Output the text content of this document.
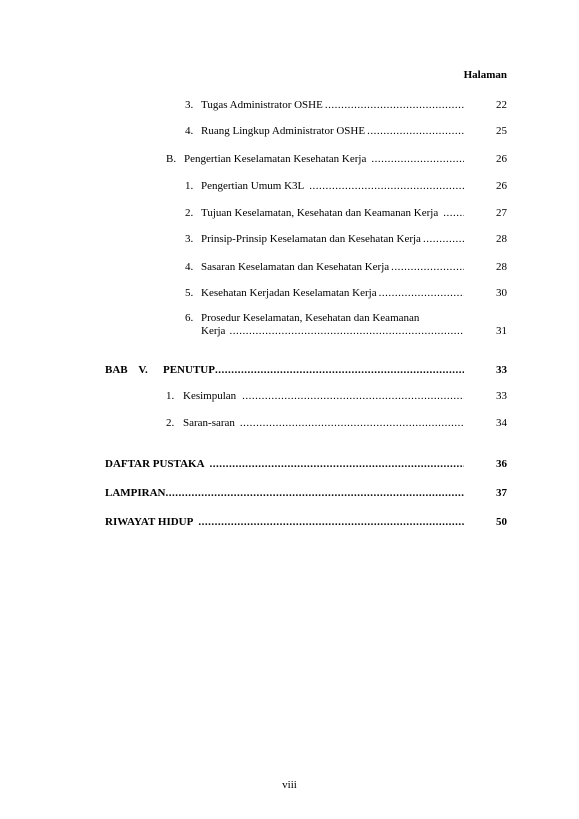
Halaman
3. Tugas Administrator OSHE .....	22
4. Ruang Lingkup Administrator OSHE .....	25
B. Pengertian Keselamatan Kesehatan Kerja .....	26
1. Pengertian Umum K3L .....	26
2. Tujuan Keselamatan, Kesehatan dan Keamanan Kerja .....	27
3. Prinsip-Prinsip Keselamatan dan Kesehatan Kerja .....	28
4. Sasaran Keselamatan dan Kesehatan Kerja .....	28
5. Kesehatan Kerjadan Keselamatan Kerja .....	30
6. Prosedur Keselamatan, Kesehatan dan Keamanan
Kerja .....	31
BAB    V.	PENUTUP .....	33
1. Kesimpulan .....	33
2. Saran-saran .....	34
DAFTAR PUSTAKA .....	36
LAMPIRAN .....	37
RIWAYAT HIDUP .....	50
viii
